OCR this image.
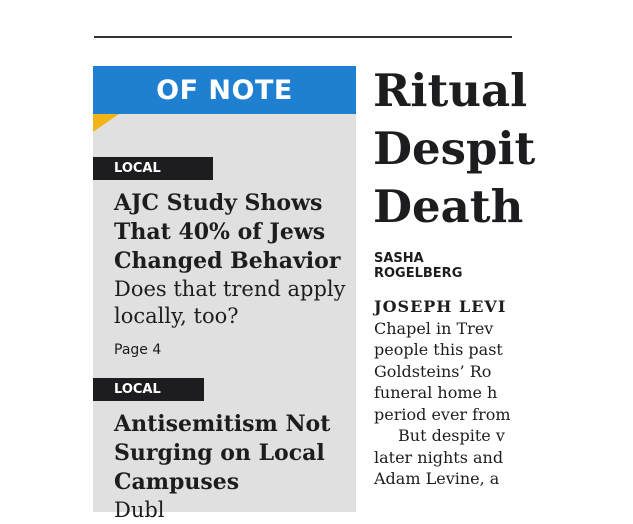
OF NOTE
LOCAL
AJC Study Shows That 40% of Jews Changed Behavior
Does that trend apply locally, too?
Page 4
LOCAL
Antisemitism Not Surging on Local Campuses
Dubl
Ritual
Despit
Death
SASHA ROGELBERG
JOSEPH LEVI
Chapel in Trev
people this past
Goldsteins’ Ro
funeral home h
period ever from
But despite v
later nights and
Adam Levine, a
